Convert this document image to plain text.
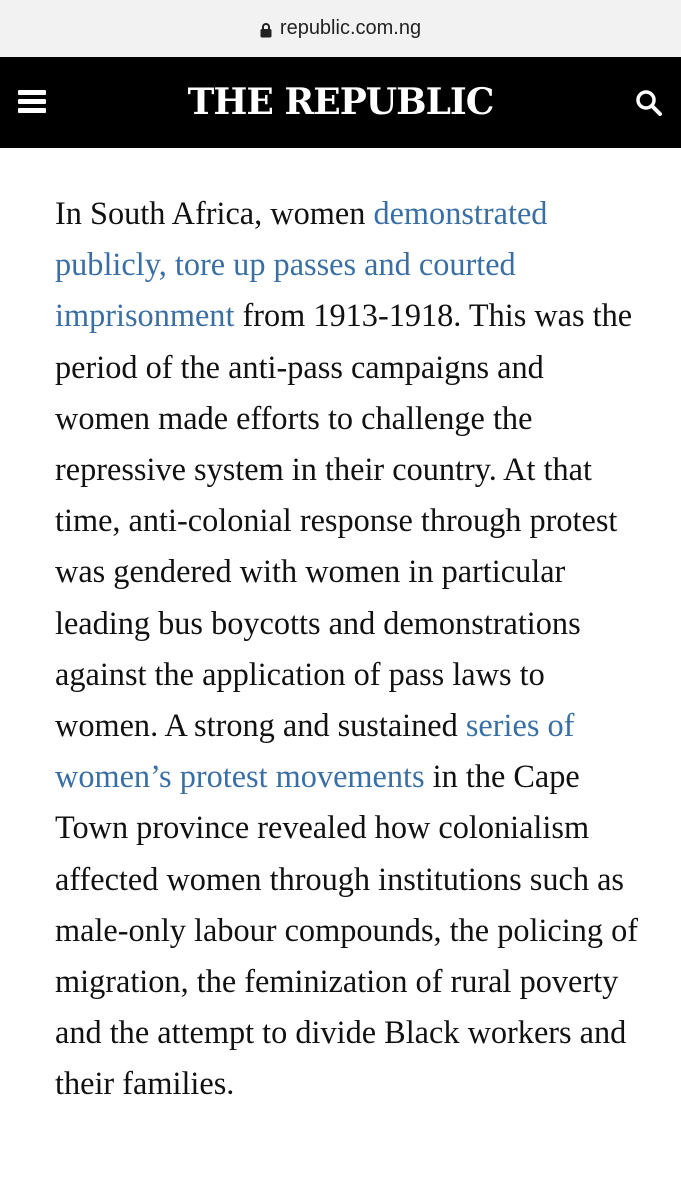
republic.com.ng
THE REPUBLIC

In South Africa, women demonstrated publicly, tore up passes and courted imprisonment from 1913-1918. This was the period of the anti-pass campaigns and women made efforts to challenge the repressive system in their country. At that time, anti-colonial response through protest was gendered with women in particular leading bus boycotts and demonstrations against the application of pass laws to women. A strong and sustained series of women’s protest movements in the Cape Town province revealed how colonialism affected women through institutions such as male-only labour compounds, the policing of migration, the feminization of rural poverty and the attempt to divide Black workers and their families.
